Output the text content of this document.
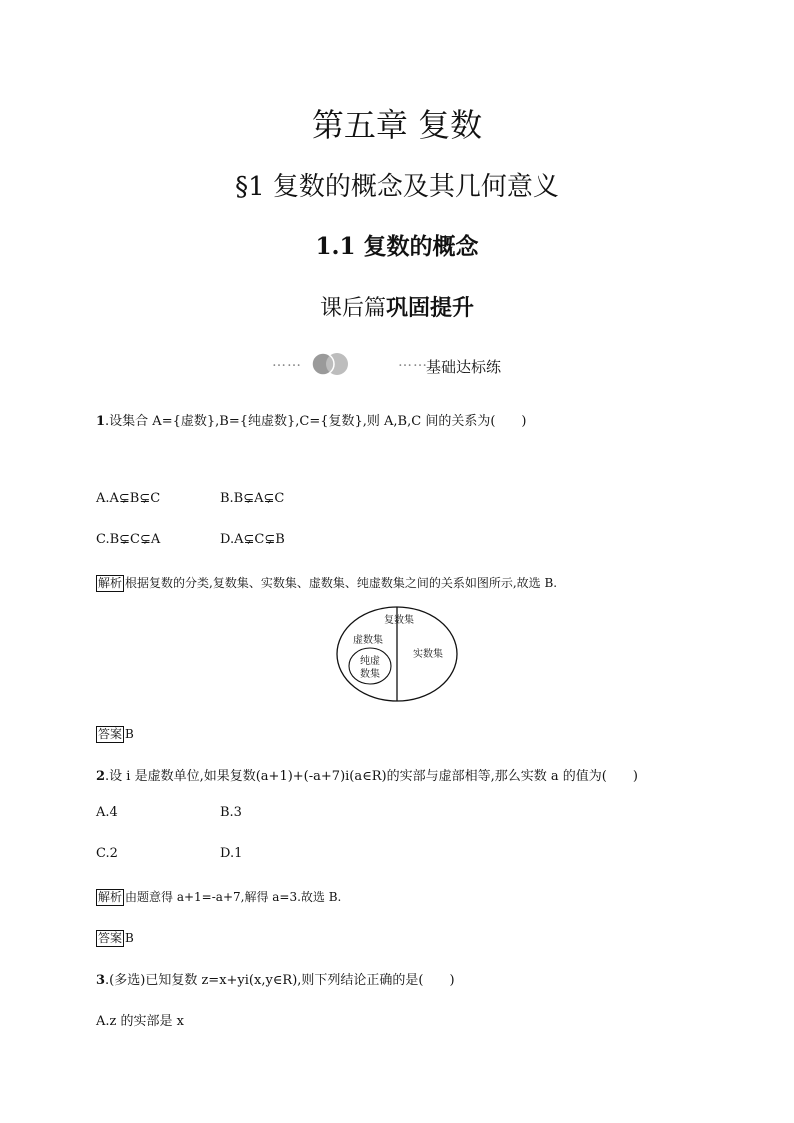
第五章 复数
§1 复数的概念及其几何意义
1.1 复数的概念
课后篇巩固提升
……	……
基础达标练
1.设集合 A={虚数},B={纯虚数},C={复数},则 A,B,C 间的关系为(　　)
A.A⊊B⊊C	B.B⊊A⊊C
C.B⊊C⊊A	D.A⊊C⊊B
解析 根据复数的分类,复数集、实数集、虚数集、纯虚数集之间的关系如图所示,故选 B.
复数集
虚数集
实数集
纯虚
数集
答案 B
2.设 i 是虚数单位,如果复数(a+1)+(-a+7)i(a∈R)的实部与虚部相等,那么实数 a 的值为(　　)
A.4	B.3
C.2	D.1
解析 由题意得 a+1=-a+7,解得 a=3.故选 B.
答案 B
3.(多选)已知复数 z=x+yi(x,y∈R),则下列结论正确的是(　　)
A.z 的实部是 x
